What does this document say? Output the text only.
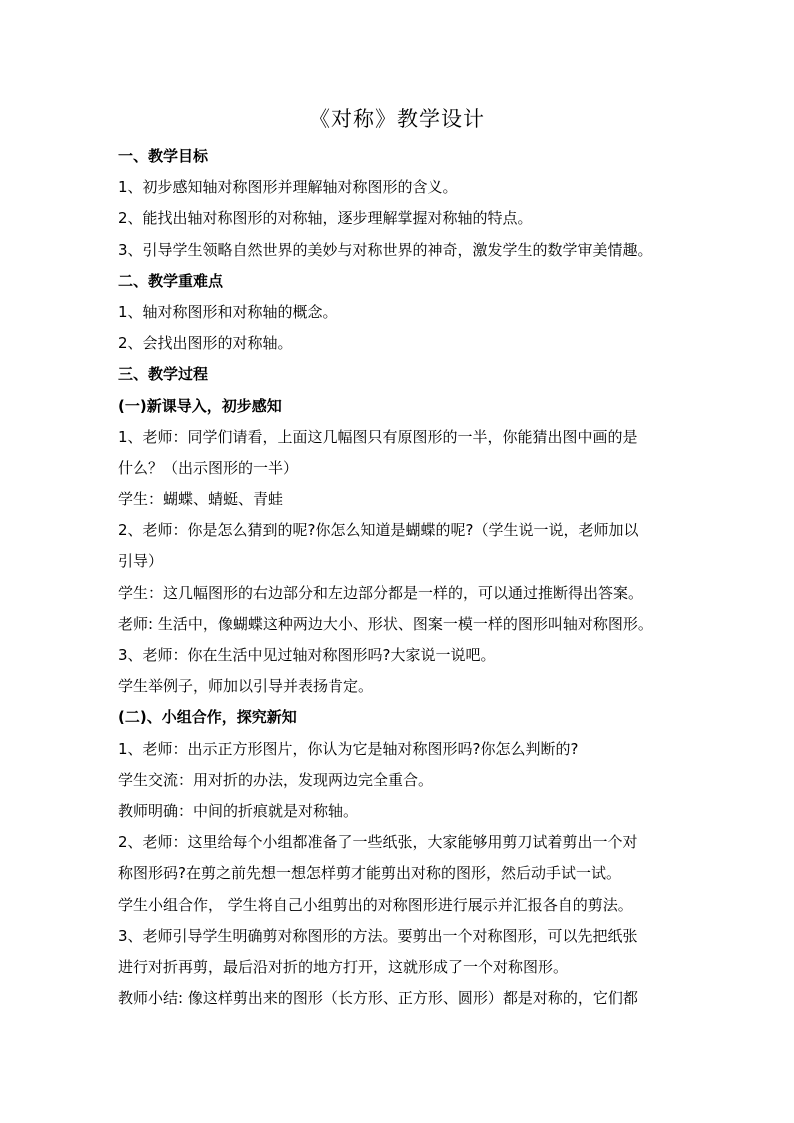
《对称》教学设计
一、教学目标
1、初步感知轴对称图形并理解轴对称图形的含义。
2、能找出轴对称图形的对称轴，逐步理解掌握对称轴的特点。
3、引导学生领略自然世界的美妙与对称世界的神奇，激发学生的数学审美情趣。
二、教学重难点
1、轴对称图形和对称轴的概念。
2、会找出图形的对称轴。
三、教学过程
(一)新课导入，初步感知
1、老师：同学们请看，上面这几幅图只有原图形的一半，你能猜出图中画的是
什么？（出示图形的一半）
学生：蝴蝶、蜻蜓、青蛙
2、老师：你是怎么猜到的呢?你怎么知道是蝴蝶的呢?（学生说一说，老师加以
引导）
学生：这几幅图形的右边部分和左边部分都是一样的，可以通过推断得出答案。
老师: 生活中，像蝴蝶这种两边大小、形状、图案一模一样的图形叫轴对称图形。
3、老师：你在生活中见过轴对称图形吗?大家说一说吧。
学生举例子，师加以引导并表扬肯定。
(二)、小组合作，探究新知
1、老师：出示正方形图片，你认为它是轴对称图形吗?你怎么判断的?
学生交流：用对折的办法，发现两边完全重合。
教师明确：中间的折痕就是对称轴。
2、老师：这里给每个小组都准备了一些纸张，大家能够用剪刀试着剪出一个对
称图形码?在剪之前先想一想怎样剪才能剪出对称的图形，然后动手试一试。
学生小组合作， 学生将自己小组剪出的对称图形进行展示并汇报各自的剪法。
3、老师引导学生明确剪对称图形的方法。要剪出一个对称图形，可以先把纸张
进行对折再剪，最后沿对折的地方打开，这就形成了一个对称图形。
教师小结: 像这样剪出来的图形（长方形、正方形、圆形）都是对称的，它们都
